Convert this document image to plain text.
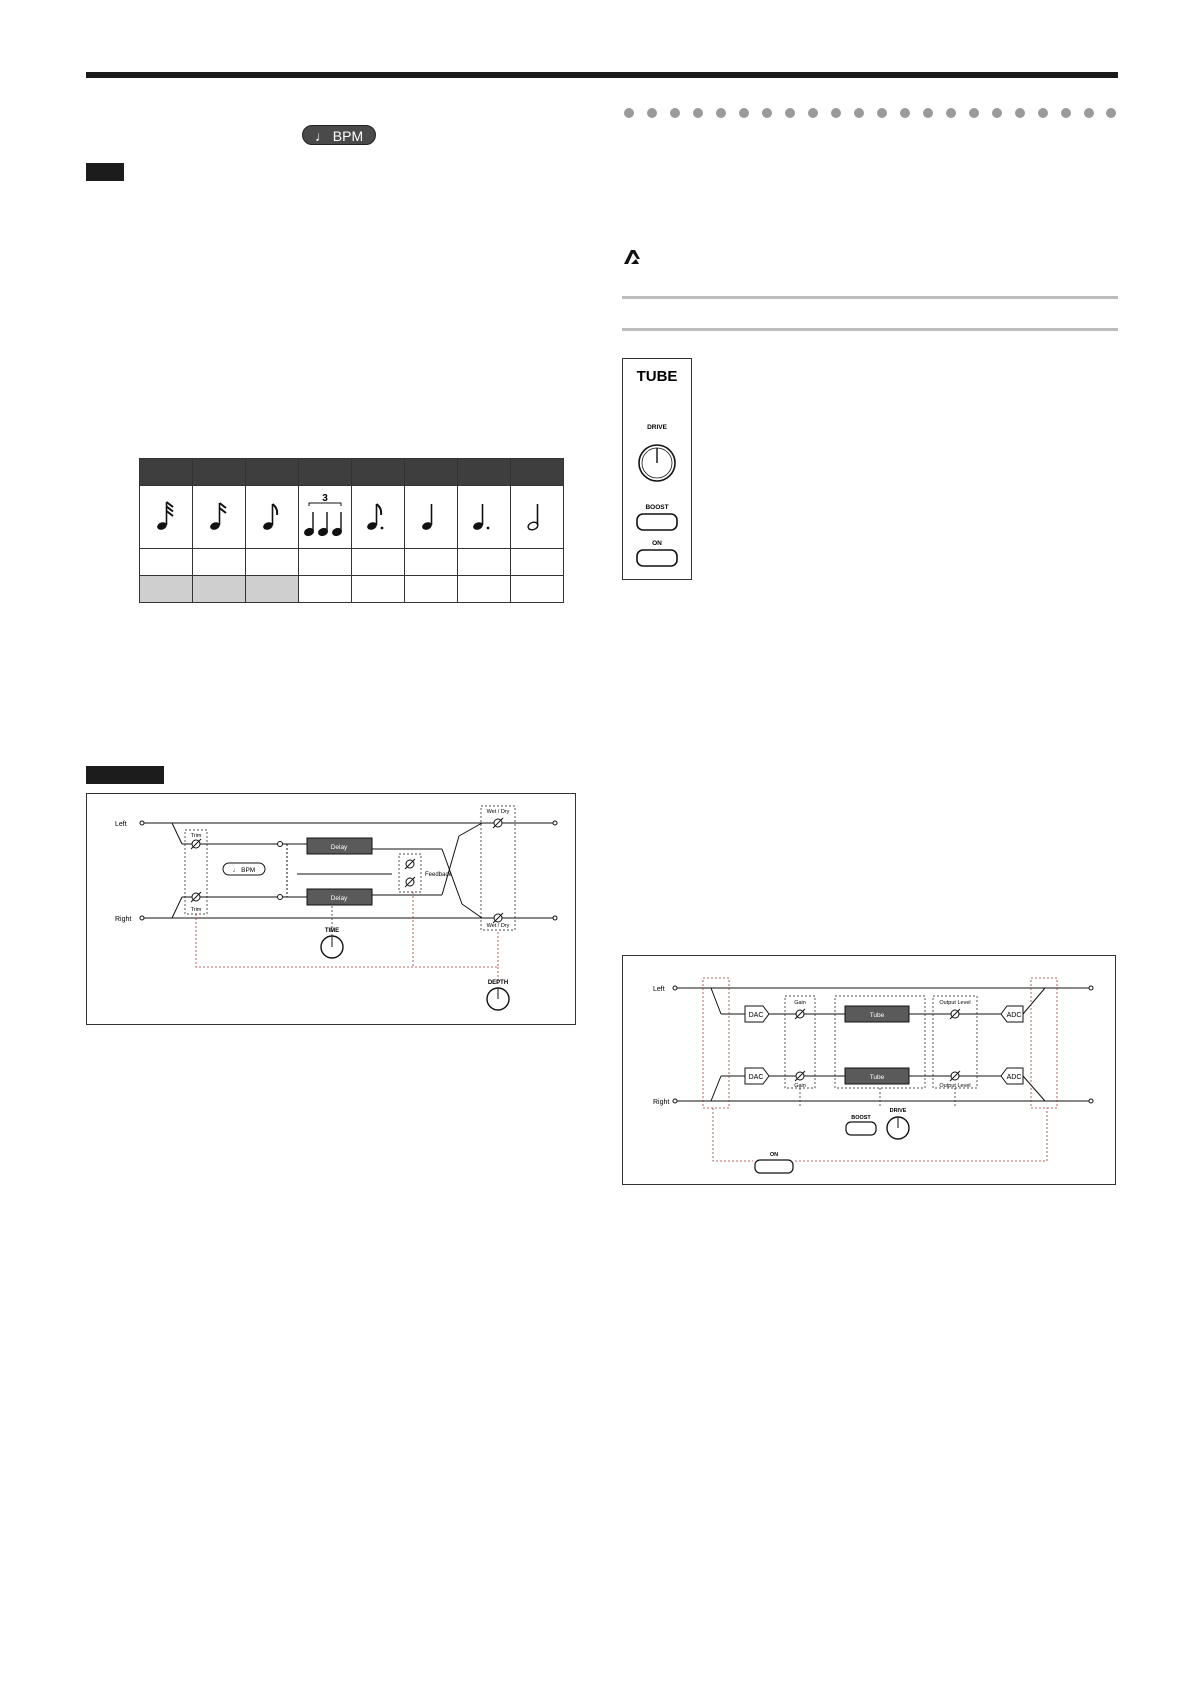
♩ BPM

3

TUBE
DRIVE
BOOST
ON
Left
Right
Trim
Trim
♩ BPM
Delay
Delay
Feedback
Wet / Dry
Wet / Dry
TIME
DEPTH
Left
Right
DAC
DAC
Gain
Gain
Tube
Tube
Output Level
Output Level
ADC
ADC
BOOST
DRIVE
ON
